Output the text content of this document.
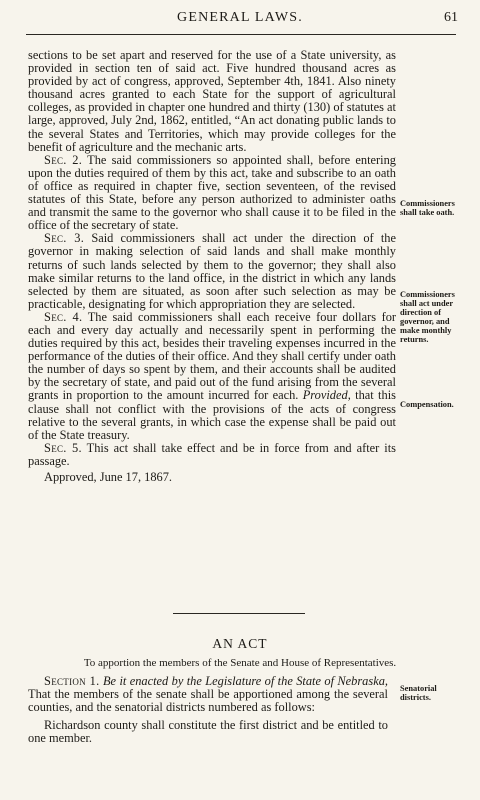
GENERAL LAWS.	61

sections to be set apart and reserved for the use of a State university, as provided in section ten of said act. Five hundred thousand acres as provided by act of congress, approved, September 4th, 1841. Also ninety thousand acres granted to each State for the support of agricultural colleges, as provided in chapter one hundred and thirty (130) of statutes at large, approved, July 2nd, 1862, entitled, “An act donating public lands to the several States and Territories, which may provide colleges for the benefit of agriculture and the mechanic arts.

Sec. 2. The said commissioners so appointed shall, before entering upon the duties required of them by this act, take and subscribe to an oath of office as required in chapter five, section seventeen, of the revised statutes of this State, before any person authorized to administer oaths and transmit the same to the governor who shall cause it to be filed in the office of the secretary of state.

Sec. 3. Said commissioners shall act under the direction of the governor in making selection of said lands and shall make monthly returns of such lands selected by them to the governor; they shall also make similar returns to the land office, in the district in which any lands selected by them are situated, as soon after such selection as may be practicable, designating for which appropriation they are selected.

Sec. 4. The said commissioners shall each receive four dollars for each and every day actually and necessarily spent in performing the duties required by this act, besides their traveling expenses incurred in the performance of the duties of their office. And they shall certify under oath the number of days so spent by them, and their accounts shall be audited by the secretary of state, and paid out of the fund arising from the several grants in proportion to the amount incurred for each. Provided, that this clause shall not conflict with the provisions of the acts of congress relative to the several grants, in which case the expense shall be paid out of the State treasury.

Sec. 5. This act shall take effect and be in force from and after its passage.

Approved, June 17, 1867.

Commissioners shall take oath.
Commissioners shall act under direction of governor, and make monthly returns.
Compensation.
AN ACT
To apportion the members of the Senate and House of Representatives.

Section 1. Be it enacted by the Legislature of the State of Nebraska, That the members of the senate shall be apportioned among the several counties, and the senatorial districts numbered as follows:

Richardson county shall constitute the first district and be entitled to one member.

Senatorial districts.
